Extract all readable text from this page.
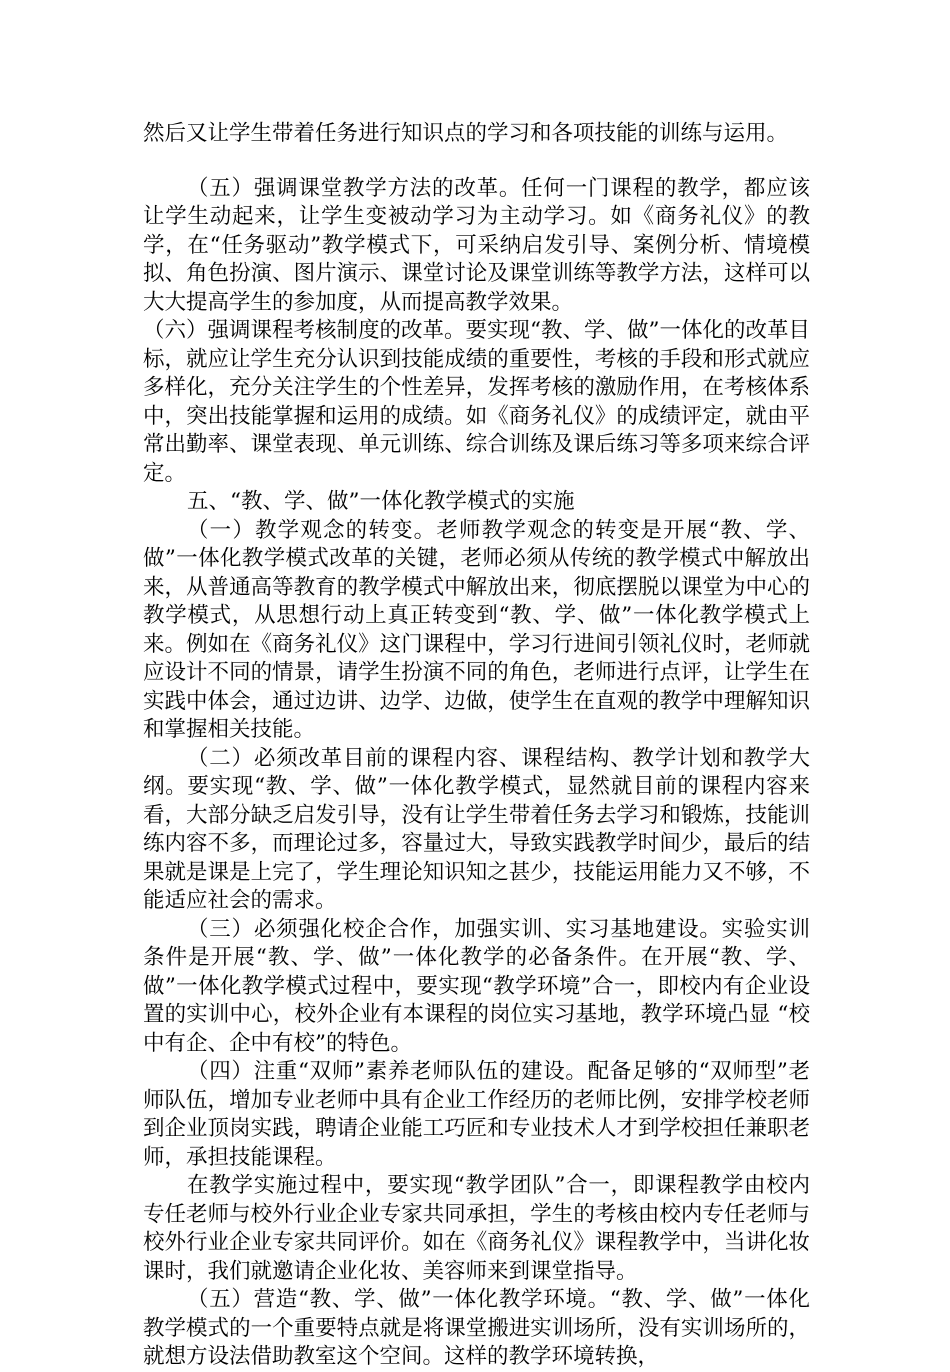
然后又让学生带着任务进行知识点的学习和各项技能的训练与运用。

（五）强调课堂教学方法的改革。任何一门课程的教学，都应该让学生动起来，让学生变被动学习为主动学习。如《商务礼仪》的教学，在“任务驱动”教学模式下，可采纳启发引导、案例分析、情境模拟、角色扮演、图片演示、课堂讨论及课堂训练等教学方法，这样可以大大提高学生的参加度，从而提高教学效果。

（六）强调课程考核制度的改革。要实现“教、学、做”一体化的改革目标，就应让学生充分认识到技能成绩的重要性，考核的手段和形式就应多样化，充分关注学生的个性差异，发挥考核的激励作用，在考核体系中，突出技能掌握和运用的成绩。如《商务礼仪》的成绩评定，就由平常出勤率、课堂表现、单元训练、综合训练及课后练习等多项来综合评定。

五、“教、学、做”一体化教学模式的实施

（一）教学观念的转变。老师教学观念的转变是开展“教、学、做”一体化教学模式改革的关键，老师必须从传统的教学模式中解放出来，从普通高等教育的教学模式中解放出来，彻底摆脱以课堂为中心的教学模式，从思想行动上真正转变到“教、学、做”一体化教学模式上来。例如在《商务礼仪》这门课程中，学习行进间引领礼仪时，老师就应设计不同的情景，请学生扮演不同的角色，老师进行点评，让学生在实践中体会，通过边讲、边学、边做，使学生在直观的教学中理解知识和掌握相关技能。

（二）必须改革目前的课程内容、课程结构、教学计划和教学大纲。要实现“教、学、做”一体化教学模式，显然就目前的课程内容来看，大部分缺乏启发引导，没有让学生带着任务去学习和锻炼，技能训练内容不多，而理论过多，容量过大，导致实践教学时间少，最后的结果就是课是上完了，学生理论知识知之甚少，技能运用能力又不够，不能适应社会的需求。

（三）必须强化校企合作，加强实训、实习基地建设。实验实训条件是开展“教、学、做”一体化教学的必备条件。在开展“教、学、做”一体化教学模式过程中，要实现“教学环境”合一，即校内有企业设置的实训中心，校外企业有本课程的岗位实习基地，教学环境凸显 “校中有企、企中有校”的特色。

（四）注重“双师”素养老师队伍的建设。配备足够的“双师型”老师队伍，增加专业老师中具有企业工作经历的老师比例，安排学校老师到企业顶岗实践，聘请企业能工巧匠和专业技术人才到学校担任兼职老师，承担技能课程。

在教学实施过程中，要实现“教学团队”合一，即课程教学由校内专任老师与校外行业企业专家共同承担，学生的考核由校内专任老师与校外行业企业专家共同评价。如在《商务礼仪》课程教学中，当讲化妆课时，我们就邀请企业化妆、美容师来到课堂指导。

（五）营造“教、学、做”一体化教学环境。“教、学、做”一体化教学模式的一个重要特点就是将课堂搬进实训场所，没有实训场所的，就想方设法借助教室这个空间。这样的教学环境转换，
